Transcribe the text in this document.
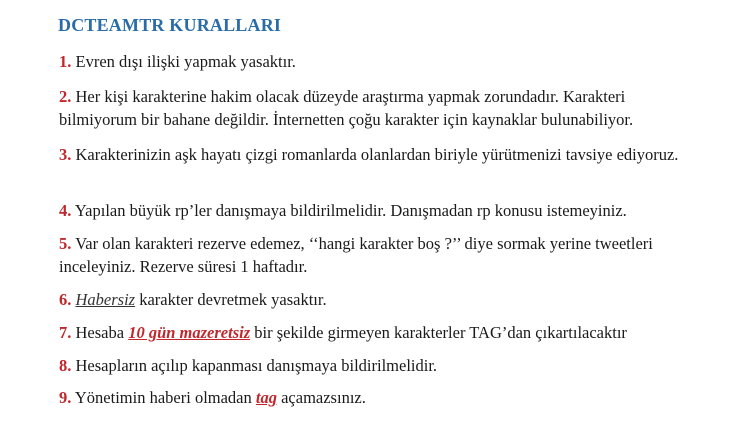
DCTEAMTR KURALLARI

1. Evren dışı ilişki yapmak yasaktır.

2. Her kişi karakterine hakim olacak düzeyde araştırma yapmak zorundadır. Karakteri bilmiyorum bir bahane değildir. İnternetten çoğu karakter için kaynaklar bulunabiliyor.

3. Karakterinizin aşk hayatı çizgi romanlarda olanlardan biriyle yürütmenizi tavsiye ediyoruz.

4. Yapılan büyük rp’ler danışmaya bildirilmelidir. Danışmadan rp konusu istemeyiniz.

5. Var olan karakteri rezerve edemez, ‘‘hangi karakter boş ?’’ diye sormak yerine tweetleri inceleyiniz. Rezerve süresi 1 haftadır.

6. Habersiz karakter devretmek yasaktır.

7. Hesaba 10 gün mazeretsiz bir şekilde girmeyen karakterler TAG’dan çıkartılacaktır

8. Hesapların açılıp kapanması danışmaya bildirilmelidir.

9. Yönetimin haberi olmadan tag açamazsınız.
